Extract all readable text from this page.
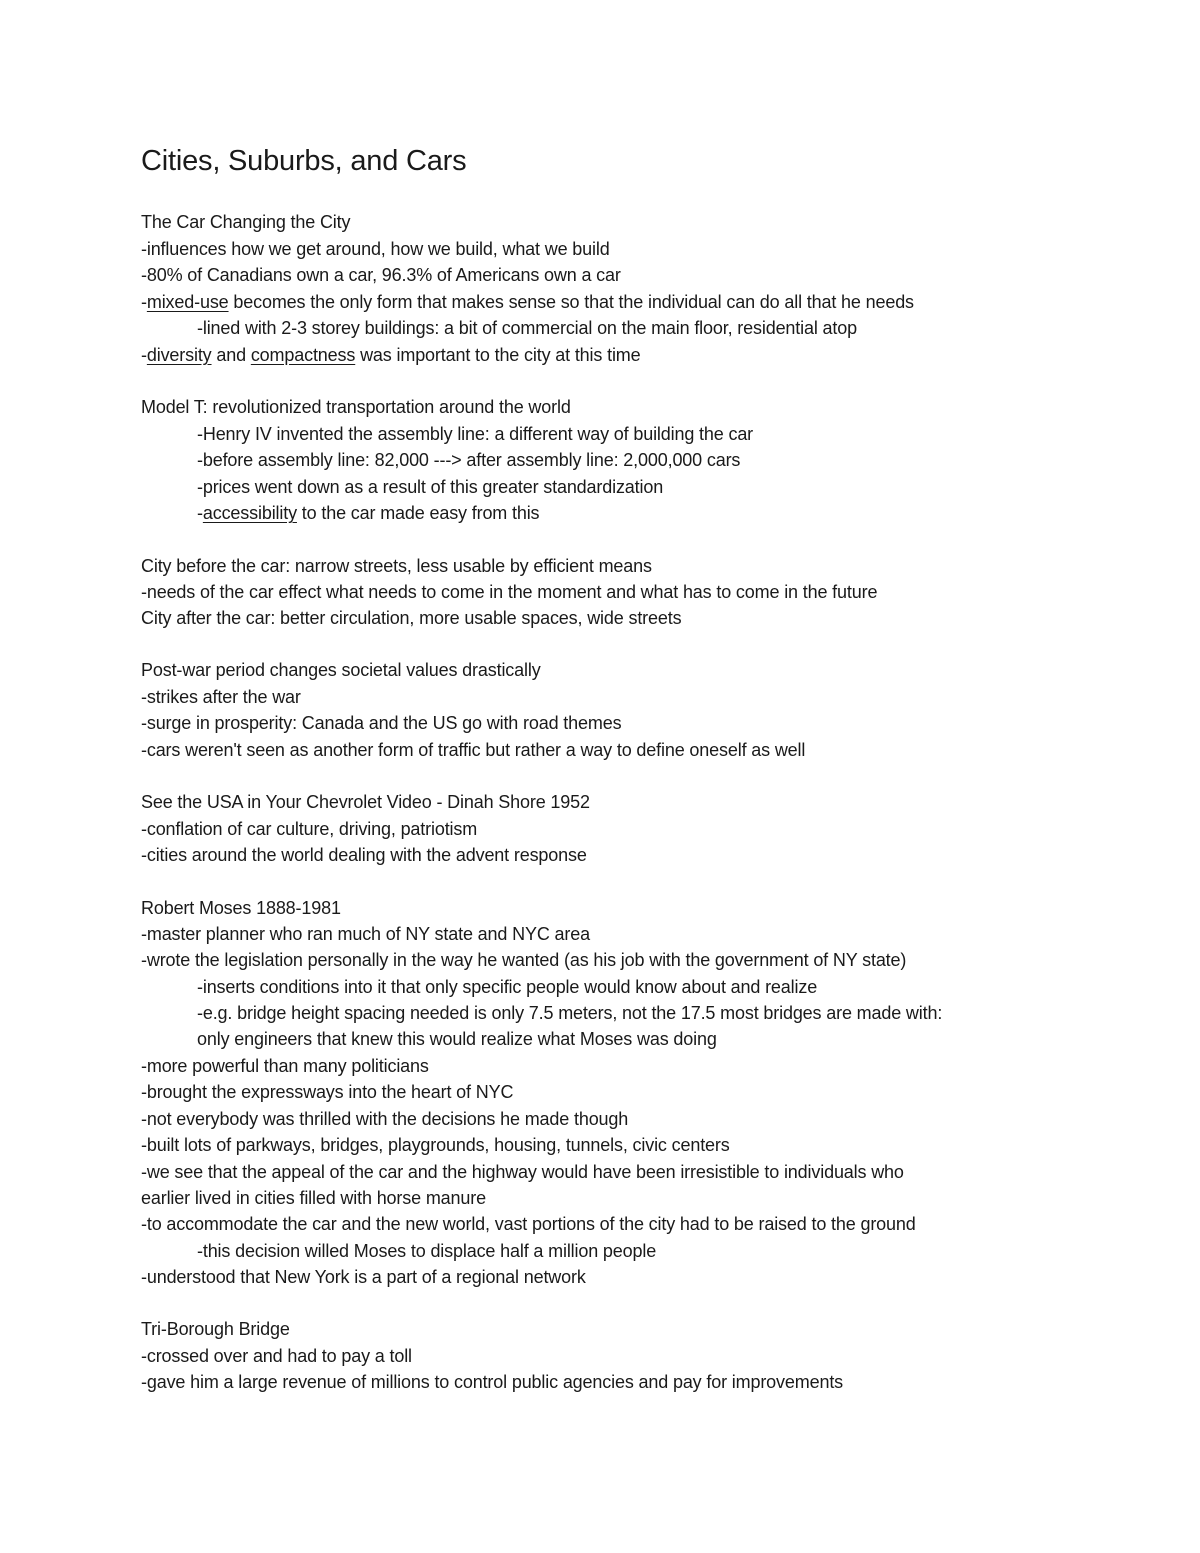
Cities, Suburbs, and Cars
The Car Changing the City
-influences how we get around, how we build, what we build
-80% of Canadians own a car, 96.3% of Americans own a car
-mixed-use becomes the only form that makes sense so that the individual can do all that he needs
-lined with 2-3 storey buildings: a bit of commercial on the main floor, residential atop
-diversity and compactness was important to the city at this time
Model T: revolutionized transportation around the world
-Henry IV invented the assembly line: a different way of building the car
-before assembly line: 82,000 ---> after assembly line: 2,000,000 cars
-prices went down as a result of this greater standardization
-accessibility to the car made easy from this
City before the car: narrow streets, less usable by efficient means
-needs of the car effect what needs to come in the moment and what has to come in the future
City after the car: better circulation, more usable spaces, wide streets
Post-war period changes societal values drastically
-strikes after the war
-surge in prosperity: Canada and the US go with road themes
-cars weren't seen as another form of traffic but rather a way to define oneself as well
See the USA in Your Chevrolet Video - Dinah Shore 1952
-conflation of car culture, driving, patriotism
-cities around the world dealing with the advent response
Robert Moses 1888-1981
-master planner who ran much of NY state and NYC area
-wrote the legislation personally in the way he wanted (as his job with the government of NY state)
-inserts conditions into it that only specific people would know about and realize
-e.g. bridge height spacing needed is only 7.5 meters, not the 17.5 most bridges are made with:
only engineers that knew this would realize what Moses was doing
-more powerful than many politicians
-brought the expressways into the heart of NYC
-not everybody was thrilled with the decisions he made though
-built lots of parkways, bridges, playgrounds, housing, tunnels, civic centers
-we see that the appeal of the car and the highway would have been irresistible to individuals who
earlier lived in cities filled with horse manure
-to accommodate the car and the new world, vast portions of the city had to be raised to the ground
-this decision willed Moses to displace half a million people
-understood that New York is a part of a regional network
Tri-Borough Bridge
-crossed over and had to pay a toll
-gave him a large revenue of millions to control public agencies and pay for improvements
